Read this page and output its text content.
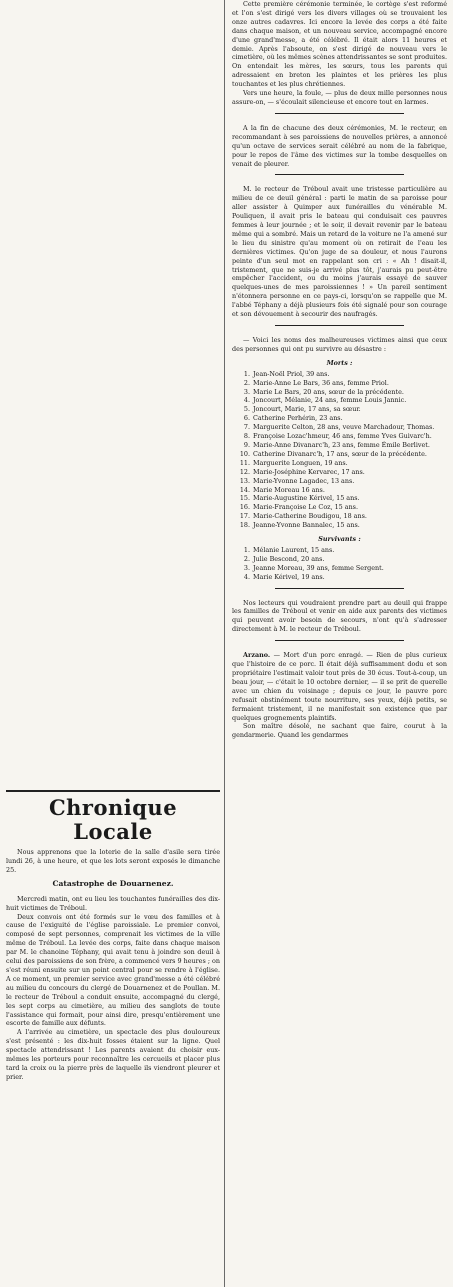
Chronique Locale

Nous apprenons que la loterie de la salle d'asile sera tirée lundi 26, à une heure, et que les lots seront exposés le dimanche 25.

Catastrophe de Douarnenez.

Mercredi matin, ont eu lieu les touchantes funérailles des dix-huit victimes de Tréboul.

Deux convois ont été formés sur le vœu des familles et à cause de l'exiguité de l'église paroissiale. Le premier convoi, composé de sept personnes, comprenait les victimes de la ville même de Tréboul. La levée des corps, faite dans chaque maison par M. le chanoine Téphany, qui avait tenu à joindre son deuil à celui des paroissiens de son frère, a commencé vers 9 heures ; on s'est réuni ensuite sur un point central pour se rendre à l'église. A ce moment, un premier service avec grand'messe a été célébré au milieu du concours du clergé de Douarnenez et de Poullan. M. le recteur de Tréboul a conduit ensuite, accompagné du clergé, les sept corps au cimetière, au milieu des sanglots de toute l'assistance qui formait, pour ainsi dire, presqu'entièrement une escorte de famille aux défunts.

A l'arrivée au cimetière, un spectacle des plus douloureux s'est présenté : les dix-huit fosses étaient sur la ligne. Quel spectacle attendrissant ! Les parents avaient du choisir eux-mêmes les porteurs pour reconnaître les cercueils et placer plus tard la croix ou la pierre près de laquelle ils viendront pleurer et prier.

Cette première cérémonie terminée, le cortège s'est reformé et l'on s'est dirigé vers les divers villages où se trouvaient les onze autres cadavres. Ici encore la levée des corps a été faite dans chaque maison, et un nouveau service, accompagné encore d'une grand'messe, a été célébré. Il était alors 11 heures et demie. Après l'absoute, on s'est dirigé de nouveau vers le cimetière, où les mêmes scènes attendrissantes se sont produites. On entendait les mères, les sœurs, tous les parents qui adressaient en breton les plaintes et les prières les plus touchantes et les plus chrétiennes.

Vers une heure, la foule, — plus de deux mille personnes nous assure-on, — s'écoulait silencieuse et encore tout en larmes.

A la fin de chacune des deux cérémonies, M. le recteur, en recommandant à ses paroissiens de nouvelles prières, a annoncé qu'un octave de services serait célébré au nom de la fabrique, pour le repos de l'âme des victimes sur la tombe desquelles on venait de pleurer.

M. le recteur de Tréboul avait une tristesse particulière au milieu de ce deuil général : parti le matin de sa paroisse pour aller assister à Quimper aux funérailles du vénérable M. Pouliquen, il avait pris le bateau qui conduisait ces pauvres femmes à leur journée ; et le soir, il devait revenir par le bateau même qui a sombré. Mais un retard de la voiture ne l'a amené sur le lieu du sinistre qu'au moment où on retirait de l'eau les dernières victimes. Qu'on juge de sa douleur, et nous l'aurons peinte d'un seul mot en rappelant son cri : « Ah ! disait-il, tristement, que ne suis-je arrivé plus tôt, j'aurais pu peut-être empêcher l'accident, ou du moins j'aurais essayé de sauver quelques-unes de mes paroissiennes ! » Un pareil sentiment n'étonnera personne en ce pays-ci, lorsqu'on se rappelle que M. l'abbé Téphany a déjà plusieurs fois été signalé pour son courage et son dévouement à secourir des naufragés.

— Voici les noms des malheureuses victimes ainsi que ceux des personnes qui ont pu survivre au désastre :

Morts :
1. Jean-Noël Priol, 39 ans.
2. Marie-Anne Le Bars, 36 ans, femme Priol.
3. Marie Le Bars, 20 ans, sœur de la précédente.
4. Joncourt, Mélanie, 24 ans, femme Louis Jannic.
5. Joncourt, Marie, 17 ans, sa sœur.
6. Catherine Perhérin, 23 ans.
7. Marguerite Celton, 28 ans, veuve Marchadour, Thomas.
8. Françoise Lozac'hmeur, 46 ans, femme Yves Guivarc'h.
9. Marie-Anne Divanarc'h, 23 ans, femme Émile Berlivet.
10. Catherine Divanarc'h, 17 ans, sœur de la précédente.
11. Marguerite Longuen, 19 ans.
12. Marie-Joséphine Kervarec, 17 ans.
13. Marie-Yvonne Lagadec, 13 ans.
14. Marie Moreau 16 ans.
15. Marie-Augustine Kérivel, 15 ans.
16. Marie-Françoise Le Coz, 15 ans.
17. Marie-Catherine Boudigou, 18 ans.
18. Jeanne-Yvonne Bannalec, 15 ans.
Survivants :
1. Mélanie Laurent, 15 ans.
2. Julie Bescond, 20 ans.
3. Jeanne Moreau, 39 ans, femme Sergent.
4. Marie Kérivel, 19 ans.

Nos lecteurs qui voudraient prendre part au deuil qui frappe les familles de Tréboul et venir en aide aux parents des victimes qui peuvent avoir besoin de secours, n'ont qu'à s'adresser directement à M. le recteur de Tréboul.

Arzano. — Mort d'un porc enragé. — Rien de plus curieux que l'histoire de ce porc. Il était déjà suffisamment dodu et son propriétaire l'estimait valoir tout près de 30 écus. Tout-à-coup, un beau jour, — c'était le 10 octobre dernier, — il se prit de querelle avec un chien du voisinage ; depuis ce jour, le pauvre porc refusait obstinément toute nourriture, ses yeux, déjà petits, se fermaient tristement, il ne manifestait son existence que par quelques grognements plaintifs.

Son maître désolé, ne sachant que faire, courut à la gendarmerie. Quand les gendarmes
